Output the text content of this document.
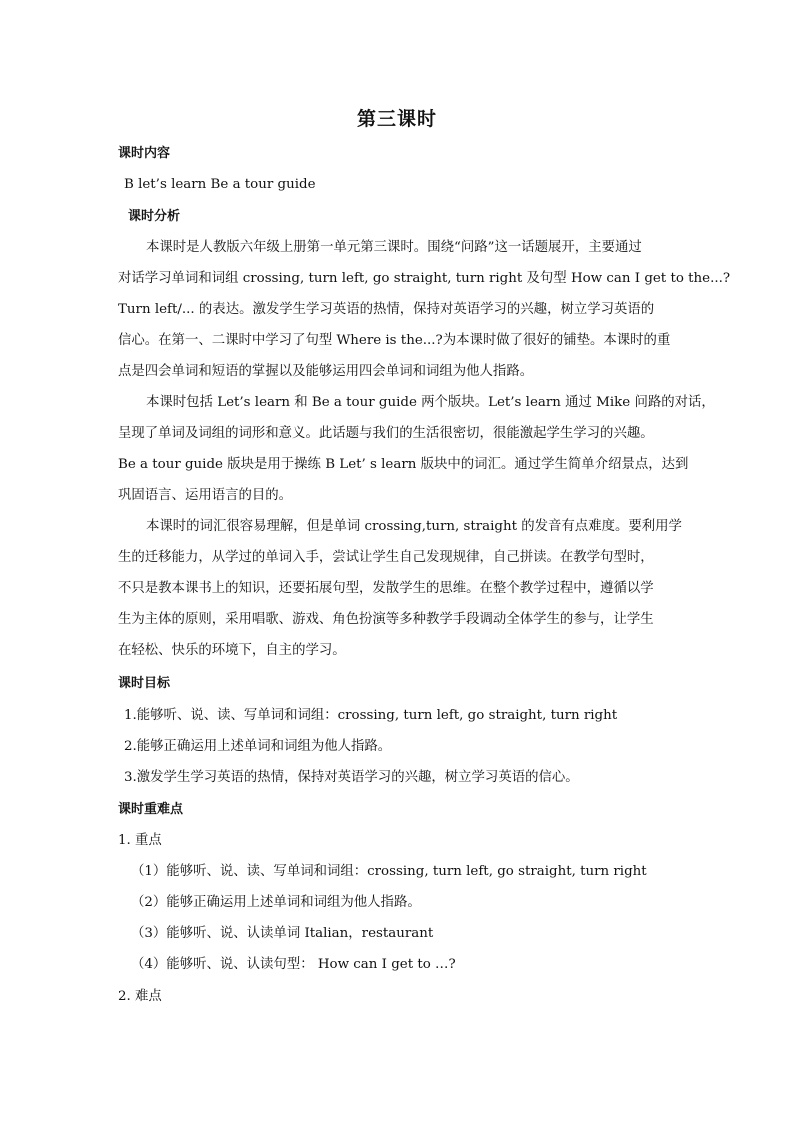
第三课时
课时内容
B let’s learn Be a tour guide
课时分析
本课时是人教版六年级上册第一单元第三课时。围绕“问路”这一话题展开，主要通过
对话学习单词和词组 crossing, turn left, go straight, turn right 及句型 How can I get to the...?
Turn left/... 的表达。激发学生学习英语的热情，保持对英语学习的兴趣，树立学习英语的
信心。在第一、二课时中学习了句型 Where is the...?为本课时做了很好的铺垫。本课时的重
点是四会单词和短语的掌握以及能够运用四会单词和词组为他人指路。
本课时包括 Let’s learn 和 Be a tour guide 两个版块。Let’s learn 通过 Mike 问路的对话，
呈现了单词及词组的词形和意义。此话题与我们的生活很密切，很能激起学生学习的兴趣。
Be a tour guide 版块是用于操练 B Let’ s learn 版块中的词汇。通过学生简单介绍景点，达到
巩固语言、运用语言的目的。
本课时的词汇很容易理解，但是单词 crossing,turn, straight 的发音有点难度。要利用学
生的迁移能力，从学过的单词入手，尝试让学生自己发现规律，自己拼读。在教学句型时，
不只是教本课书上的知识，还要拓展句型，发散学生的思维。在整个教学过程中，遵循以学
生为主体的原则，采用唱歌、游戏、角色扮演等多种教学手段调动全体学生的参与，让学生
在轻松、快乐的环境下，自主的学习。
课时目标
1.能够听、说、读、写单词和词组：crossing, turn left, go straight, turn right
2.能够正确运用上述单词和词组为他人指路。
3.激发学生学习英语的热情，保持对英语学习的兴趣，树立学习英语的信心。
课时重难点
1. 重点
（1）能够听、说、读、写单词和词组：crossing, turn left, go straight, turn right
（2）能够正确运用上述单词和词组为他人指路。
（3）能够听、说、认读单词 Italian，restaurant
（4）能够听、说、认读句型： How can I get to …?
2. 难点
